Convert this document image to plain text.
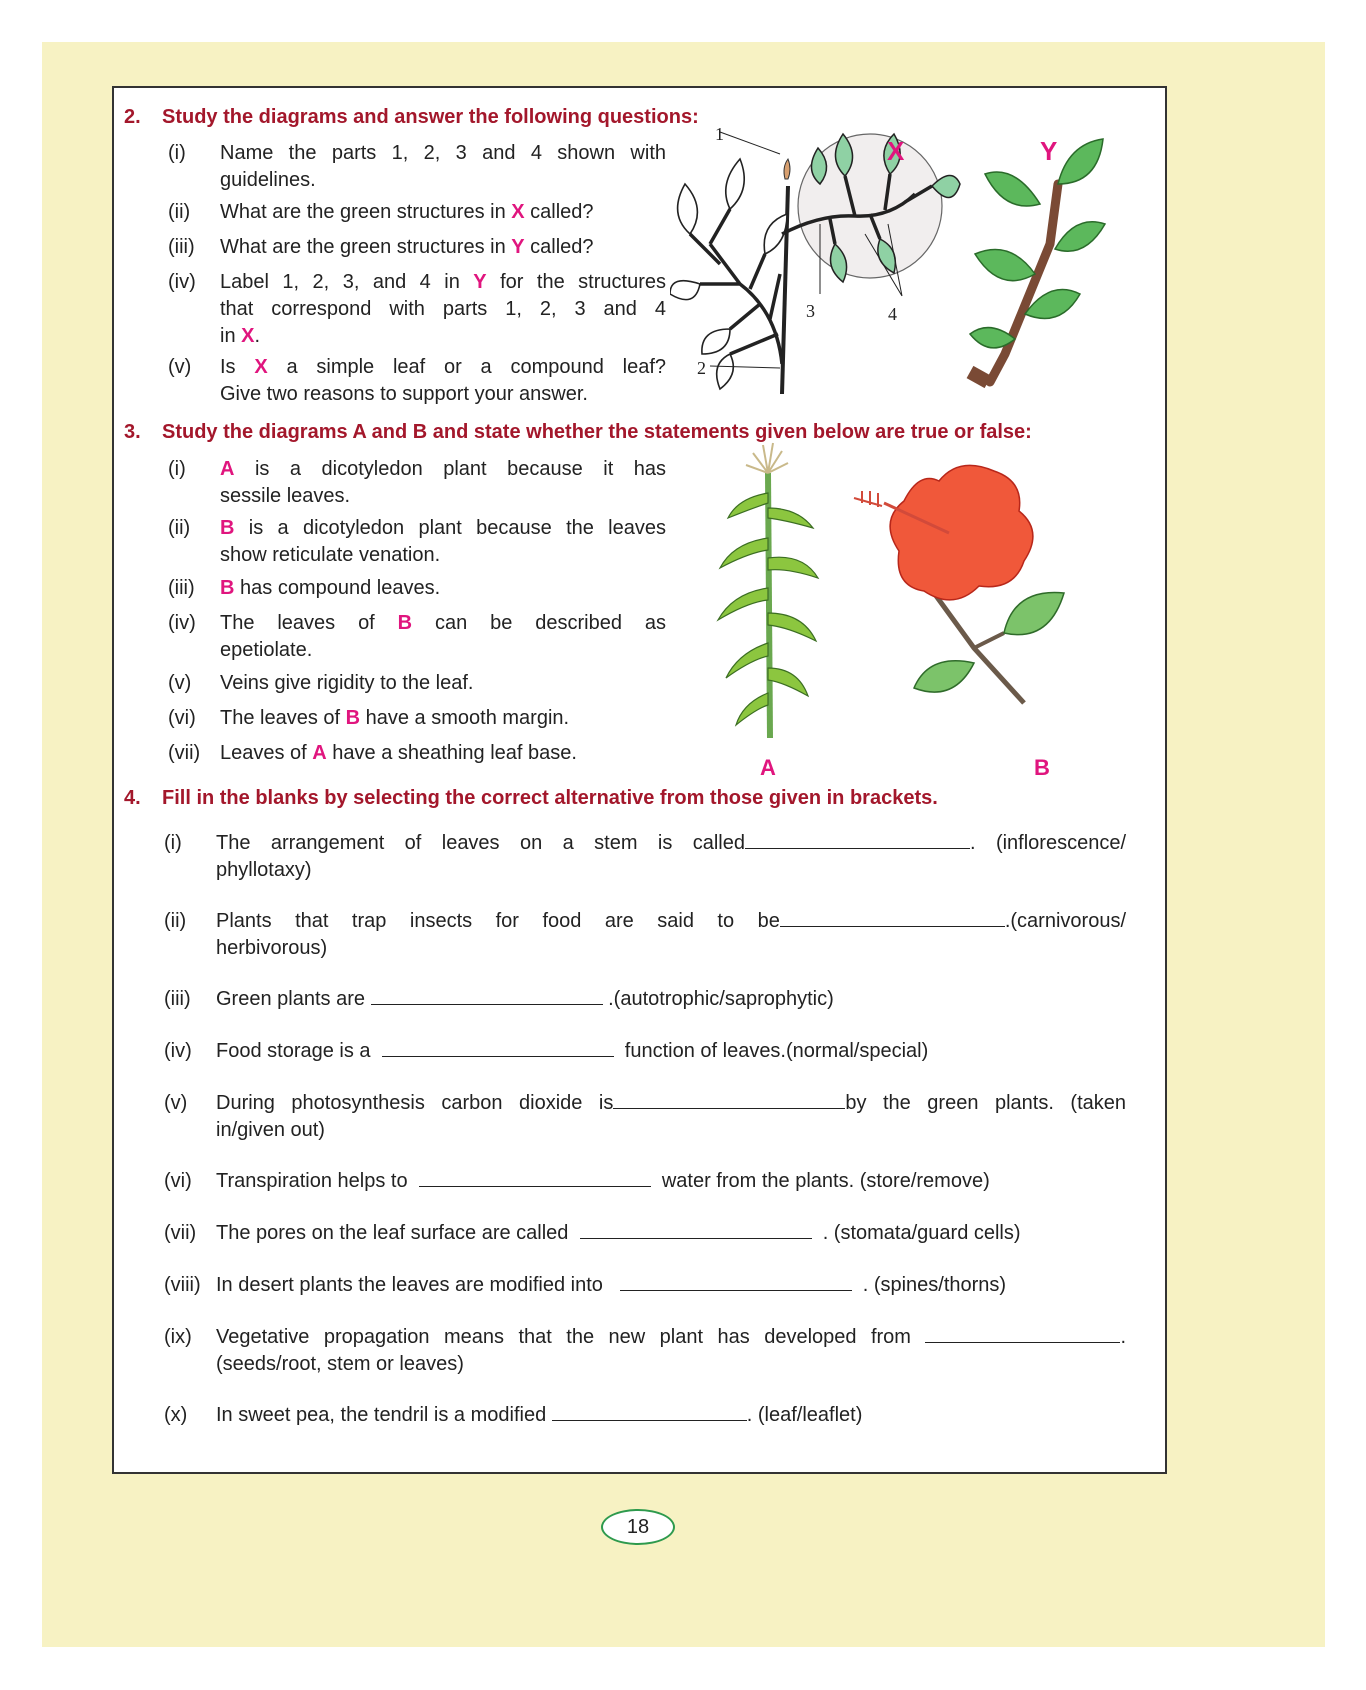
2. Study the diagrams and answer the following questions:
(i) Name the parts 1, 2, 3 and 4 shown with

guidelines.

(ii) What are the green structures in X called?

(iii) What are the green structures in Y called?

(iv) Label 1, 2, 3, and 4 in Y for the structures

that correspond with parts 1, 2, 3 and 4

in X.

(v) Is X a simple leaf or a compound leaf?

Give two reasons to support your answer.

1
2
3	4
X	Y
3. Study the diagrams A and B and state whether the statements given below are true or false:
(i) A is a dicotyledon plant because it has

sessile leaves.

(ii) B is a dicotyledon plant because the leaves

show reticulate venation.

(iii) B has compound leaves.

(iv) The leaves of B can be described as

epetiolate.

(v) Veins give rigidity to the leaf.

(vi) The leaves of B have a smooth margin.

(vii) Leaves of A have a sheathing leaf base.

A	B
4. Fill in the blanks by selecting the correct alternative from those given in brackets.
(i) The arrangement of leaves on a stem is called	. (inflorescence/

phyllotaxy)

(ii) Plants that trap insects for food are said to be	.(carnivorous/

herbivorous)

(iii) Green plants are	.(autotrophic/saprophytic)

(iv) Food storage is a	function of leaves.(normal/special)

(v) During photosynthesis carbon dioxide is	by the green plants. (taken

in/given out)

(vi) Transpiration helps to	water from the plants. (store/remove)

(vii) The pores on the leaf surface are called	. (stomata/guard cells)

(viii) In desert plants the leaves are modified into	. (spines/thorns)

(ix) Vegetative propagation means that the new plant has developed from	.

(seeds/root, stem or leaves)

(x) In sweet pea, the tendril is a modified	. (leaf/leaflet)

18
